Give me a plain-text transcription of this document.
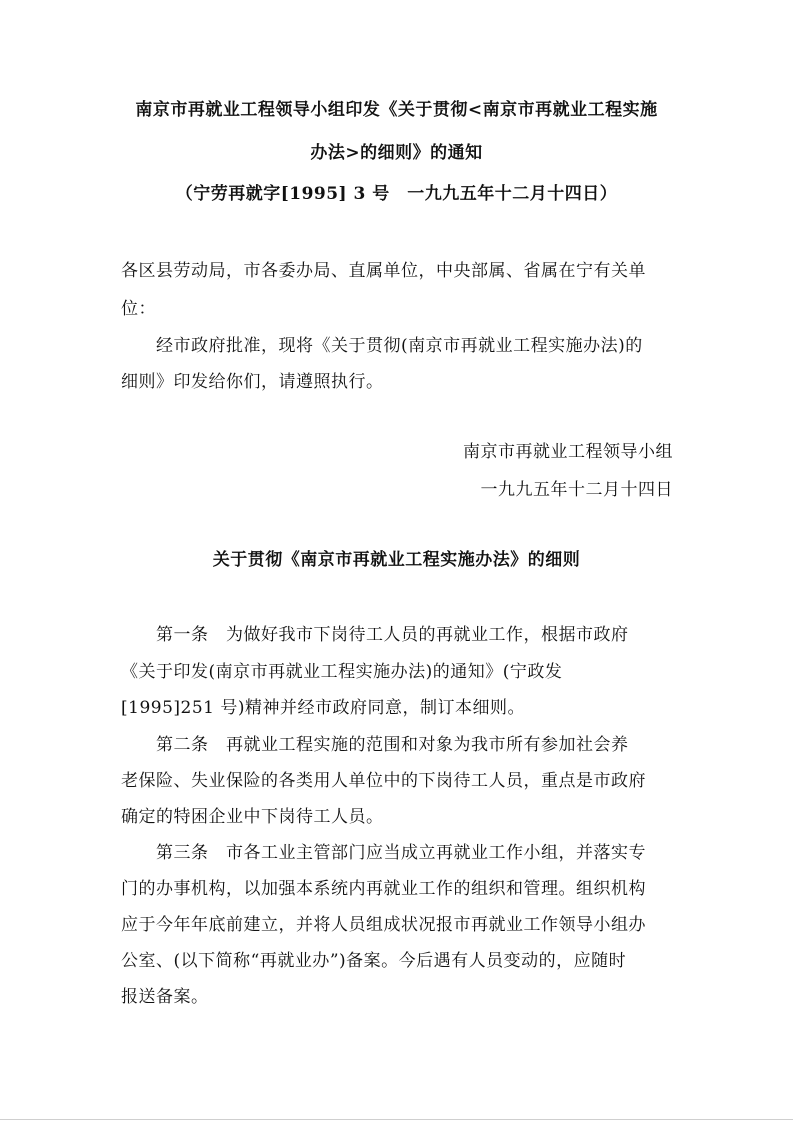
南京市再就业工程领导小组印发《关于贯彻<南京市再就业工程实施
办法>的细则》的通知
（宁劳再就字[1995] 3 号　一九九五年十二月十四日）
各区县劳动局，市各委办局、直属单位，中央部属、省属在宁有关单
位：
经市政府批准，现将《关于贯彻(南京市再就业工程实施办法)的
细则》印发给你们，请遵照执行。
南京市再就业工程领导小组
一九九五年十二月十四日
关于贯彻《南京市再就业工程实施办法》的细则
第一条　为做好我市下岗待工人员的再就业工作，根据市政府
《关于印发(南京市再就业工程实施办法)的通知》(宁政发
[1995]251 号)精神并经市政府同意，制订本细则。
第二条　再就业工程实施的范围和对象为我市所有参加社会养
老保险、失业保险的各类用人单位中的下岗待工人员，重点是市政府
确定的特困企业中下岗待工人员。
第三条　市各工业主管部门应当成立再就业工作小组，并落实专
门的办事机构，以加强本系统内再就业工作的组织和管理。组织机构
应于今年年底前建立，并将人员组成状况报市再就业工作领导小组办
公室、(以下简称“再就业办”)备案。今后遇有人员变动的，应随时
报送备案。
